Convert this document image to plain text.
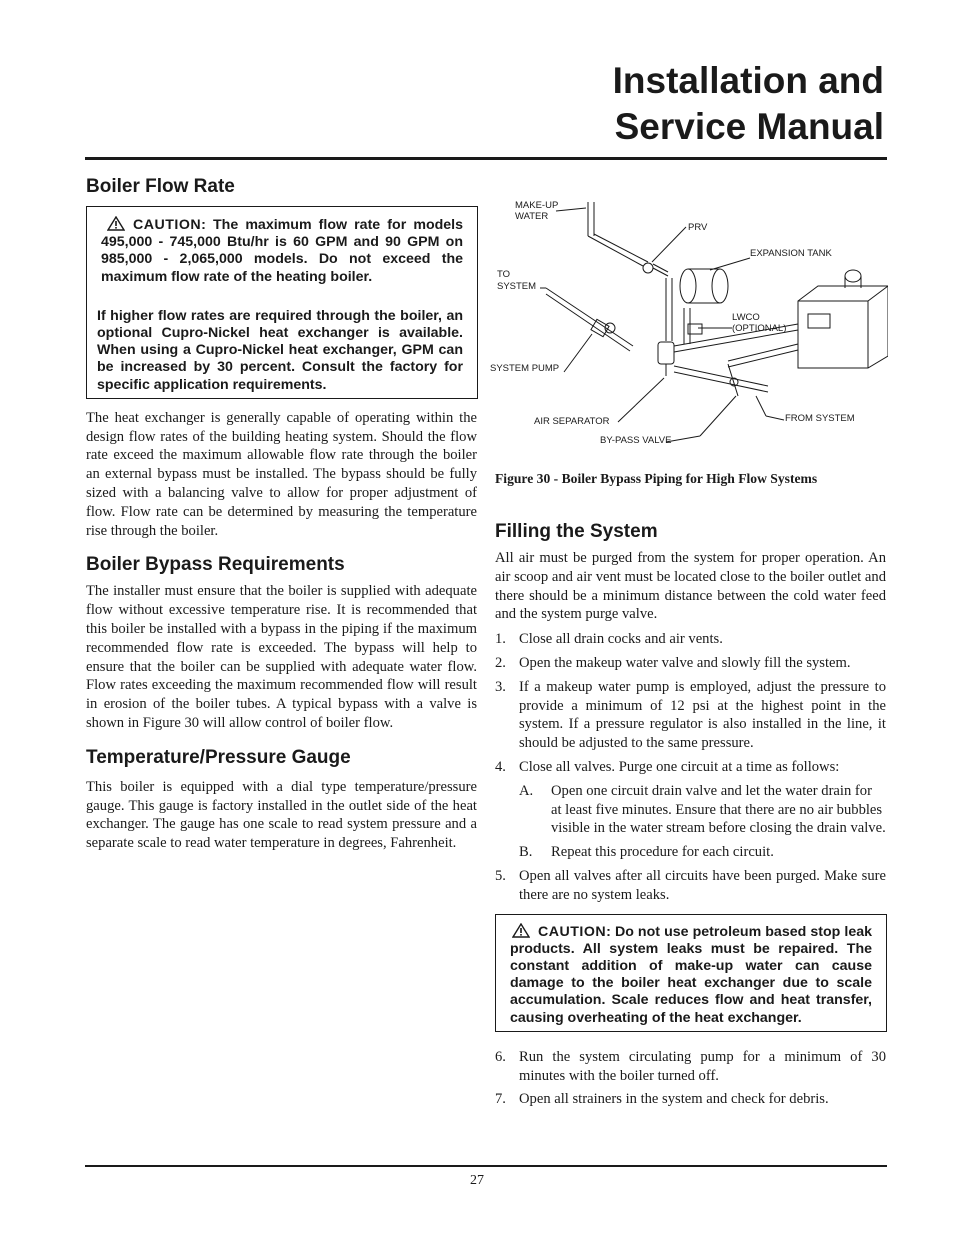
Installation and
Service Manual
Boiler Flow Rate
CAUTION: The maximum flow rate for models 495,000 - 745,000 Btu/hr is 60 GPM and 90 GPM on 985,000 - 2,065,000 models. Do not exceed the maximum flow rate of the heating boiler.
If higher flow rates are required through the boiler, an optional Cupro-Nickel heat exchanger is available. When using a Cupro-Nickel heat exchanger, GPM can be increased by 30 percent. Consult the factory for specific application requirements.

The heat exchanger is generally capable of operating within the design flow rates of the building heating system. Should the flow rate exceed the maximum allowable flow rate through the boiler an external bypass must be installed. The bypass should be fully sized with a balancing valve to allow for proper adjustment of flow. Flow rate can be determined by measuring the temperature rise through the boiler.

Boiler Bypass Requirements

The installer must ensure that the boiler is supplied with adequate flow without excessive temperature rise. It is recommended that this boiler be installed with a bypass in the piping if the maximum recommended flow rate is exceeded. The bypass will help to ensure that the boiler can be supplied with adequate water flow. Flow rates exceeding the maximum recommended flow will result in erosion of the boiler tubes. A typical bypass with a valve is shown in Figure 30 will allow control of boiler flow.

Temperature/Pressure Gauge

This boiler is equipped with a dial type temperature/pressure gauge. This gauge is factory installed in the outlet side of the heat exchanger. The gauge has one scale to read system pressure and a separate scale to read water temperature in degrees, Fahrenheit.

MAKE-UP
WATER
PRV
EXPANSION TANK
TO
SYSTEM
LWCO
(OPTIONAL)
SYSTEM PUMP
AIR SEPARATOR	FROM SYSTEM
BY-PASS VALVE
Figure 30 - Boiler Bypass Piping for High Flow Systems
Filling the System

All air must be purged from the system for proper operation. An air scoop and air vent must be located close to the boiler outlet and there should be a minimum distance between the cold water feed and the system purge valve.

1. Close all drain cocks and air vents.
2. Open the makeup water valve and slowly fill the system.
3. If a makeup water pump is employed, adjust the pressure to provide a minimum of 12 psi at the highest point in the system. If a pressure regulator is also installed in the line, it should be adjusted to the same pressure.
4. Close all valves. Purge one circuit at a time as follows:
A. Open one circuit drain valve and let the water drain for at least five minutes. Ensure that there are no air bubbles visible in the water stream before closing the drain valve.
B. Repeat this procedure for each circuit.
5. Open all valves after all circuits have been purged. Make sure there are no system leaks.
CAUTION: Do not use petroleum based stop leak products. All system leaks must be repaired. The constant addition of make-up water can cause damage to the boiler heat exchanger due to scale accumulation. Scale reduces flow and heat transfer, causing overheating of the heat exchanger.
6. Run the system circulating pump for a minimum of 30 minutes with the boiler turned off.
7. Open all strainers in the system and check for debris.
27
